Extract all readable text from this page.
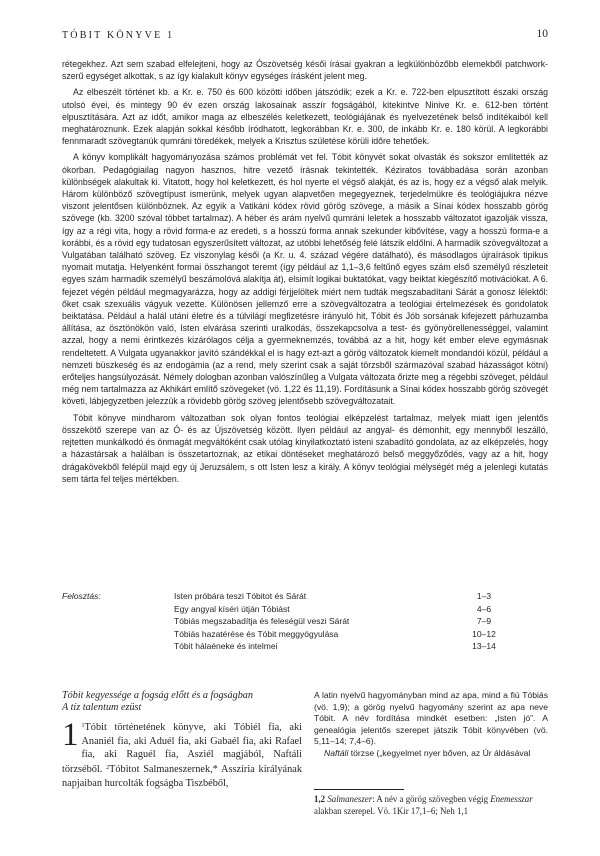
TÓBIT KÖNYVE 1	10

rétegekhez. Azt sem szabad elfelejteni, hogy az Ószövetség késői írásai gyakran a legkülönbözőbb elemekből patchwork-szerű egységet alkottak, s az így kialakult könyv egységes írásként jelent meg.

Az elbeszélt történet kb. a Kr. e. 750 és 600 közötti időben játszódik; ezek a Kr. e. 722-ben elpusztított északi ország utolsó évei, és mintegy 90 év ezen ország lakosainak asszír fogságából, kitekintve Ninive Kr. e. 612-ben történt elpusztítására. Azt az időt, amikor maga az elbeszélés keletkezett, teológiájának és nyelvezetének belső indítékaiból kell meghatároznunk. Ezek alapján sokkal később íródhatott, legkorábban Kr. e. 300, de inkább Kr. e. 180 körül. A legkorábbi fennmaradt szövegtanúk qumráni töredékek, melyek a Krisztus születése körüli időre tehetőek.

A könyv komplikált hagyományozása számos problémát vet fel. Tóbit könyvét sokat olvasták és sokszor említették az ókorban. Pedagógiailag nagyon hasznos, hitre vezető írásnak tekintették. Kéziratos továbbadása során azonban különbségek alakultak ki. Vitatott, hogy hol keletkezett, és hol nyerte el végső alakját, és az is, hogy ez a végső alak melyik. Három különböző szövegtípust ismerünk, melyek ugyan alapvetően megegyeznek, terjedelmükre és teológiájukra nézve viszont jelentősen különböznek. Az egyik a Vatikáni kódex rövid görög szövege, a másik a Sínai kódex hosszabb görög szövege (kb. 3200 szóval többet tartalmaz). A héber és arám nyelvű qumráni leletek a hosszabb változatot igazolják vissza, így az a régi vita, hogy a rövid forma-e az eredeti, s a hosszú forma annak szekunder kibővítése, vagy a hosszú forma-e a korábbi, és a rövid egy tudatosan egyszerűsített változat, az utóbbi lehetőség felé látszik eldőlni. A harmadik szövegváltozat a Vulgatában található szöveg. Ez viszonylag késői (a Kr. u. 4. század végére datálható), és másodlagos újraírások tipikus nyomait mutatja. Helyenként formai összhangot teremt (így például az 1,1–3,6 feltűnő egyes szám első személyű részleteit egyes szám harmadik személyű beszámolóvá alakítja át), elsimít logikai buktatókat, vagy beiktat kiegészítő motivációkat. A 6. fejezet végén például megmagyarázza, hogy az addigi férjjelöltek miért nem tudták megszabadítani Sárát a gonosz lélektől: őket csak szexuális vágyuk vezette. Különösen jellemző erre a szövegváltozatra a teológiai értelmezések és gondolatok beiktatása. Például a halál utáni életre és a túlvilági megfizetésre irányuló hit, Tóbit és Jób sorsának kifejezett párhuzamba állítása, az ösztönökön való, Isten elvárása szerinti uralkodás, összekapcsolva a test- és gyönyörellenességgel, valamint azzal, hogy a nemi érintkezés kizárólagos célja a gyermeknemzés, továbbá az a hit, hogy két ember eleve egymásnak rendeltetett. A Vulgata ugyanakkor javító szándékkal el is hagy ezt-azt a görög változatok kiemelt mondandói közül, például a nemzeti büszkeség és az endogámia (az a rend, mely szerint csak a saját törzsből származóval szabad házasságot kötni) erőteljes hangsúlyozását. Némely dologban azonban valószínűleg a Vulgata változata őrizte meg a régebbi szöveget, például még nem tartalmazza az Akhikárt említő szövegeket (vö. 1,22 és 11,19). Fordításunk a Sínai kódex hosszabb görög szövegét követi, lábjegyzetben jelezzük a rövidebb görög szöveg jelentősebb szövegváltozatait.

Tóbit könyve mindharom változatban sok olyan fontos teológiai elképzelést tartalmaz, melyek miatt igen jelentős összekötő szerepe van az Ó- és az Újszövetség között. Ilyen például az angyal- és démonhit, egy mennyből leszálló, rejtetten munkálkodó és önmagát megváltóként csak utólag kinyilatkoztató isteni szabadító gondolata, az az elképzelés, hogy a házastársak a halálban is összetartoznak, az etikai döntéseket meghatározó belső meggyőződés, vagy az a hit, hogy drágakövekből felépül majd egy új Jeruzsálem, s ott Isten lesz a király. A könyv teológiai mélységét még a jelenlegi kutatás sem tárta fel teljes mértékben.

Felosztás:	Isten próbára teszi Tóbitot és Sárát	1–3
Egy angyal kíséri útján Tóbiást	4–6
Tóbiás megszabadítja és feleségül veszi Sárát	7–9
Tóbiás hazatérése és Tóbit meggyógyulása	10–12
Tóbit hálaéneke és intelmei	13–14
Tóbit kegyessége a fogság előtt és a fogságban
A tíz talentum ezüst
1 $^1$Tóbit történetének könyve, aki Tóbiél fia, aki Ananiél fia, aki Aduél fia, aki Gabaél fia, aki Rafael fia, aki Raguél fia, Asziél magjából, Naftáli törzséből. $^2$Tóbitot Salmaneszernek,* Asszíria királyának napjaiban hurcolták fogságba Tiszbéből,

A latin nyelvű hagyományban mind az apa, mind a fiú Tóbiás (vö. 1,9); a görög nyelvű hagyomány szerint az apa neve Tóbit. A név fordítása mindkét esetben: „Isten jó”. A genealógia jelentős szerepet játszik Tóbit könyvében (vö. 5,11–14; 7,4–6).

Naftáli törzse („kegyelmet nyer bőven, az Úr áldásával

1,2 Salmaneszer: A név a görög szövegben végig Enemesszar alakban szerepel. Vö. 1Kir 17,1–6; Neh 1,1
